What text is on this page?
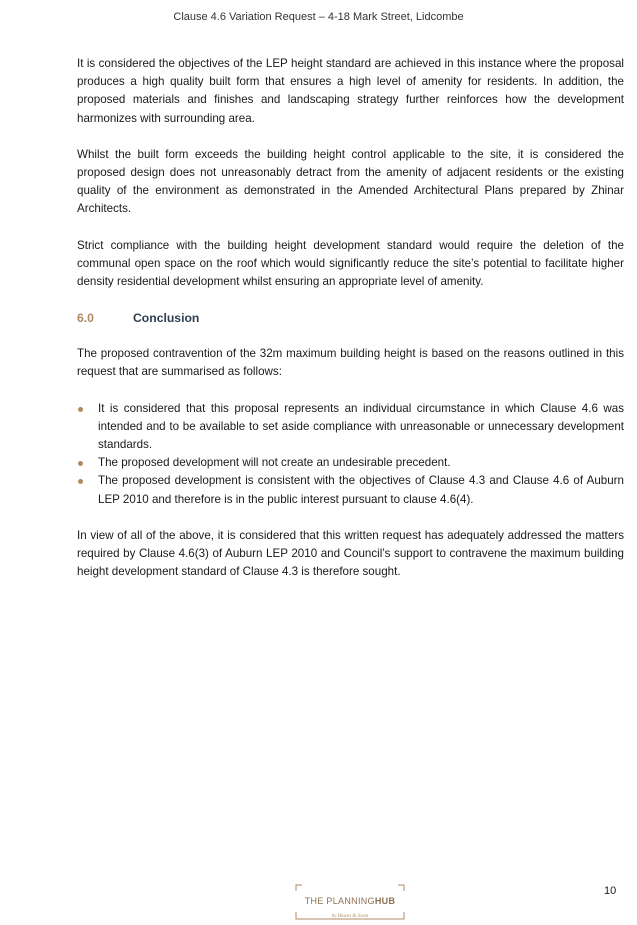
Clause 4.6 Variation Request – 4-18 Mark Street, Lidcombe

It is considered the objectives of the LEP height standard are achieved in this instance where the proposal produces a high quality built form that ensures a high level of amenity for residents. In addition, the proposed materials and finishes and landscaping strategy further reinforces how the development harmonizes with surrounding area.

Whilst the built form exceeds the building height control applicable to the site, it is considered the proposed design does not unreasonably detract from the amenity of adjacent residents or the existing quality of the environment as demonstrated in the Amended Architectural Plans prepared by Zhinar Architects.

Strict compliance with the building height development standard would require the deletion of the communal open space on the roof which would significantly reduce the site’s potential to facilitate higher density residential development whilst ensuring an appropriate level of amenity.

6.0	Conclusion

The proposed contravention of the 32m maximum building height is based on the reasons outlined in this request that are summarised as follows:

It is considered that this proposal represents an individual circumstance in which Clause 4.6 was intended and to be available to set aside compliance with unreasonable or unnecessary development standards.
The proposed development will not create an undesirable precedent.
The proposed development is consistent with the objectives of Clause 4.3 and Clause 4.6 of Auburn LEP 2010 and therefore is in the public interest pursuant to clause 4.6(4).

In view of all of the above, it is considered that this written request has adequately addressed the matters required by Clause 4.6(3) of Auburn LEP 2010 and Council’s support to contravene the maximum building height development standard of Clause 4.3 is therefore sought.

THE PLANNINGHUB
by Hawes & Swan
10
